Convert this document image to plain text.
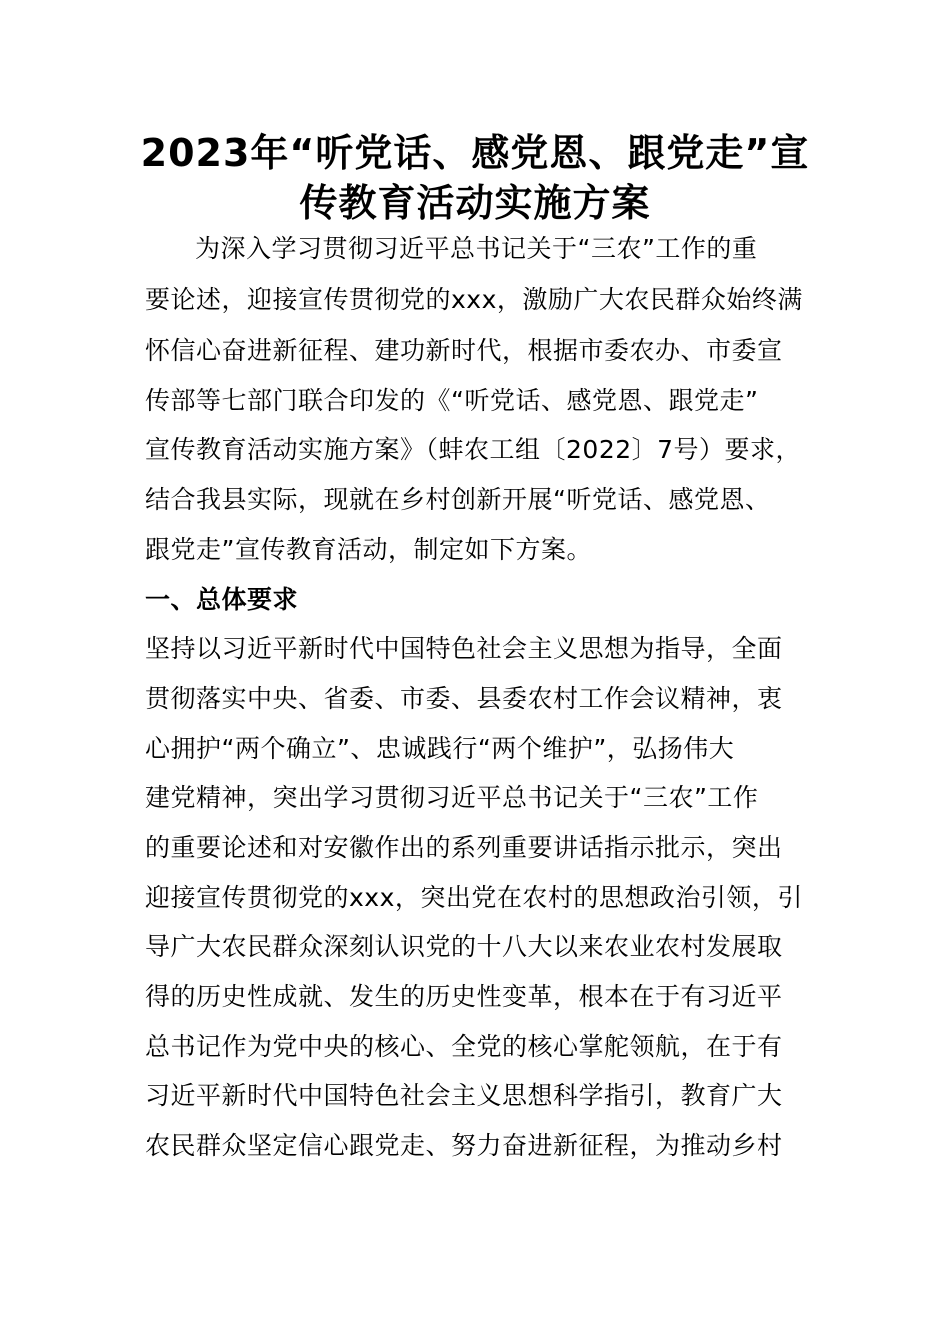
2023年“听党话、感党恩、跟党走”宣
传教育活动实施方案
为深入学习贯彻习近平总书记关于“三农”工作的重
要论述，迎接宣传贯彻党的xxx，激励广大农民群众始终满
怀信心奋进新征程、建功新时代，根据市委农办、市委宣
传部等七部门联合印发的《“听党话、感党恩、跟党走”
宣传教育活动实施方案》（蚌农工组〔2022〕7号）要求，
结合我县实际，现就在乡村创新开展“听党话、感党恩、
跟党走”宣传教育活动，制定如下方案。
一、总体要求
坚持以习近平新时代中国特色社会主义思想为指导，全面
贯彻落实中央、省委、市委、县委农村工作会议精神，衷
心拥护“两个确立”、忠诚践行“两个维护”，弘扬伟大
建党精神，突出学习贯彻习近平总书记关于“三农”工作
的重要论述和对安徽作出的系列重要讲话指示批示，突出
迎接宣传贯彻党的xxx，突出党在农村的思想政治引领，引
导广大农民群众深刻认识党的十八大以来农业农村发展取
得的历史性成就、发生的历史性变革，根本在于有习近平
总书记作为党中央的核心、全党的核心掌舵领航，在于有
习近平新时代中国特色社会主义思想科学指引，教育广大
农民群众坚定信心跟党走、努力奋进新征程，为推动乡村
